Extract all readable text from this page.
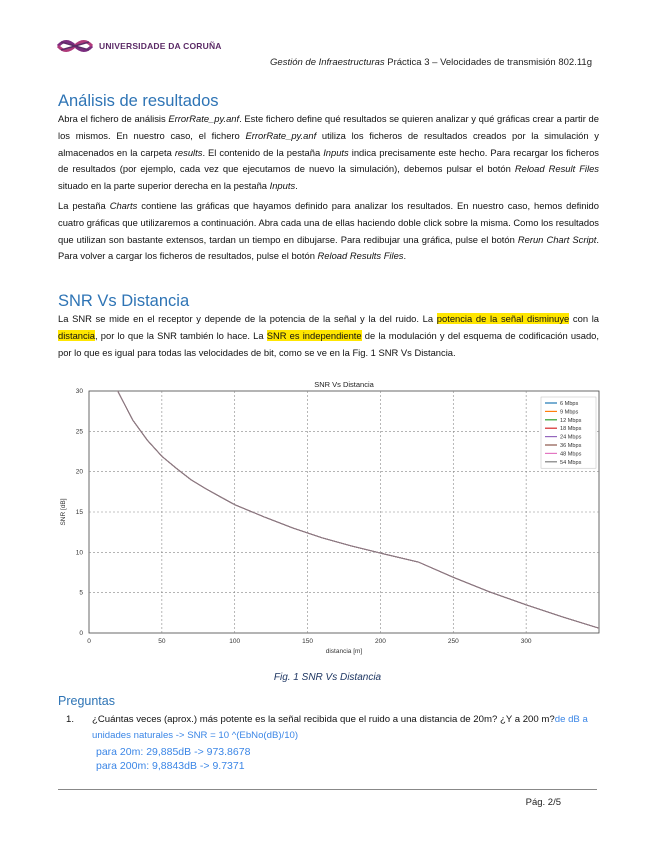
UNIVERSIDADE DA CORUÑA
Gestión de Infraestructuras Práctica 3 – Velocidades de transmisión 802.11g
Análisis de resultados
Abra el fichero de análisis ErrorRate_py.anf. Este fichero define qué resultados se quieren analizar y qué gráficas crear a partir de los mismos. En nuestro caso, el fichero ErrorRate_py.anf utiliza los ficheros de resultados creados por la simulación y almacenados en la carpeta results. El contenido de la pestaña Inputs indica precisamente este hecho. Para recargar los ficheros de resultados (por ejemplo, cada vez que ejecutamos de nuevo la simulación), debemos pulsar el botón Reload Result Files situado en la parte superior derecha en la pestaña Inputs.
La pestaña Charts contiene las gráficas que hayamos definido para analizar los resultados. En nuestro caso, hemos definido cuatro gráficas que utilizaremos a continuación. Abra cada una de ellas haciendo doble click sobre la misma. Como los resultados que utilizan son bastante extensos, tardan un tiempo en dibujarse. Para redibujar una gráfica, pulse el botón Rerun Chart Script. Para volver a cargar los ficheros de resultados, pulse el botón Reload Results Files.
SNR Vs Distancia
La SNR se mide en el receptor y depende de la potencia de la señal y la del ruido. La potencia de la señal disminuye con la distancia, por lo que la SNR también lo hace. La SNR es independiente de la modulación y del esquema de codificación usado, por lo que es igual para todas las velocidades de bit, como se ve en la Fig. 1 SNR Vs Distancia.
0	50	100	150	200	250	300
0
5
10
15
20
25
30
SNR Vs Distancia
distancia [m]
SNR [dB]
6 Mbps
9 Mbps
12 Mbps
18 Mbps
24 Mbps
36 Mbps
48 Mbps
54 Mbps
Fig. 1 SNR Vs Distancia
Preguntas
1. ¿Cuántas veces (aprox.) más potente es la señal recibida que el ruido a una distancia de 20m? ¿Y a 200 m?de dB a unidades naturales -> SNR = 10 ^(EbNo(dB)/10)
para 20m: 29,885dB -> 973.8678
para 200m: 9,8843dB -> 9.7371
Pág. 2/5
